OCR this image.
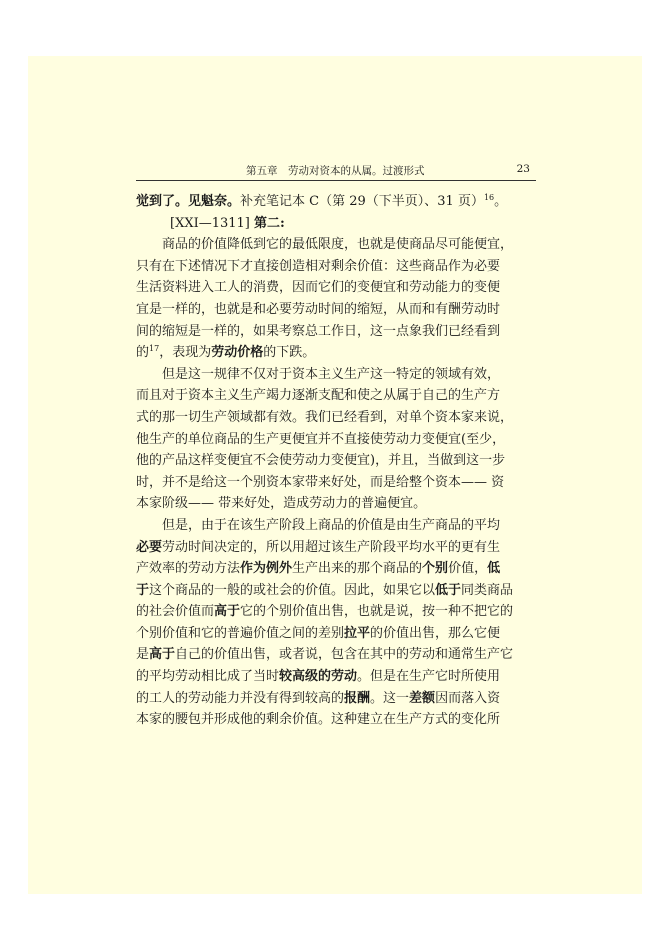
第五章　劳动对资本的从属。过渡形式	23
觉到了。见魁奈。补充笔记本 C（第 29（下半页）、31 页）$^{16}$。
[ⅩⅩⅠ—1311] 第二:
商品的价值降低到它的最低限度，也就是使商品尽可能便宜，
只有在下述情况下才直接创造相对剩余价值：这些商品作为必要
生活资料进入工人的消费，因而它们的变便宜和劳动能力的变便
宜是一样的，也就是和必要劳动时间的缩短，从而和有酬劳动时
间的缩短是一样的，如果考察总工作日，这一点象我们已经看到
的$^{17}$，表现为劳动价格的下跌。
但是这一规律不仅对于资本主义生产这一特定的领域有效，
而且对于资本主义生产竭力逐渐支配和使之从属于自己的生产方
式的那一切生产领域都有效。我们已经看到，对单个资本家来说，
他生产的单位商品的生产更便宜并不直接使劳动力变便宜(至少，
他的产品这样变便宜不会使劳动力变便宜)，并且，当做到这一步
时，并不是给这一个别资本家带来好处，而是给整个资本—— 资
本家阶级—— 带来好处，造成劳动力的普遍便宜。
但是，由于在该生产阶段上商品的价值是由生产商品的平均
必要劳动时间决定的，所以用超过该生产阶段平均水平的更有生
产效率的劳动方法作为例外生产出来的那个商品的个别价值，低
于这个商品的一般的或社会的价值。因此，如果它以低于同类商品
的社会价值而高于它的个别价值出售，也就是说，按一种不把它的
个别价值和它的普遍价值之间的差别拉平的价值出售，那么它便
是高于自己的价值出售，或者说，包含在其中的劳动和通常生产它
的平均劳动相比成了当时较高级的劳动。但是在生产它时所使用
的工人的劳动能力并没有得到较高的报酬。这一差额因而落入资
本家的腰包并形成他的剩余价值。这种建立在生产方式的变化所
